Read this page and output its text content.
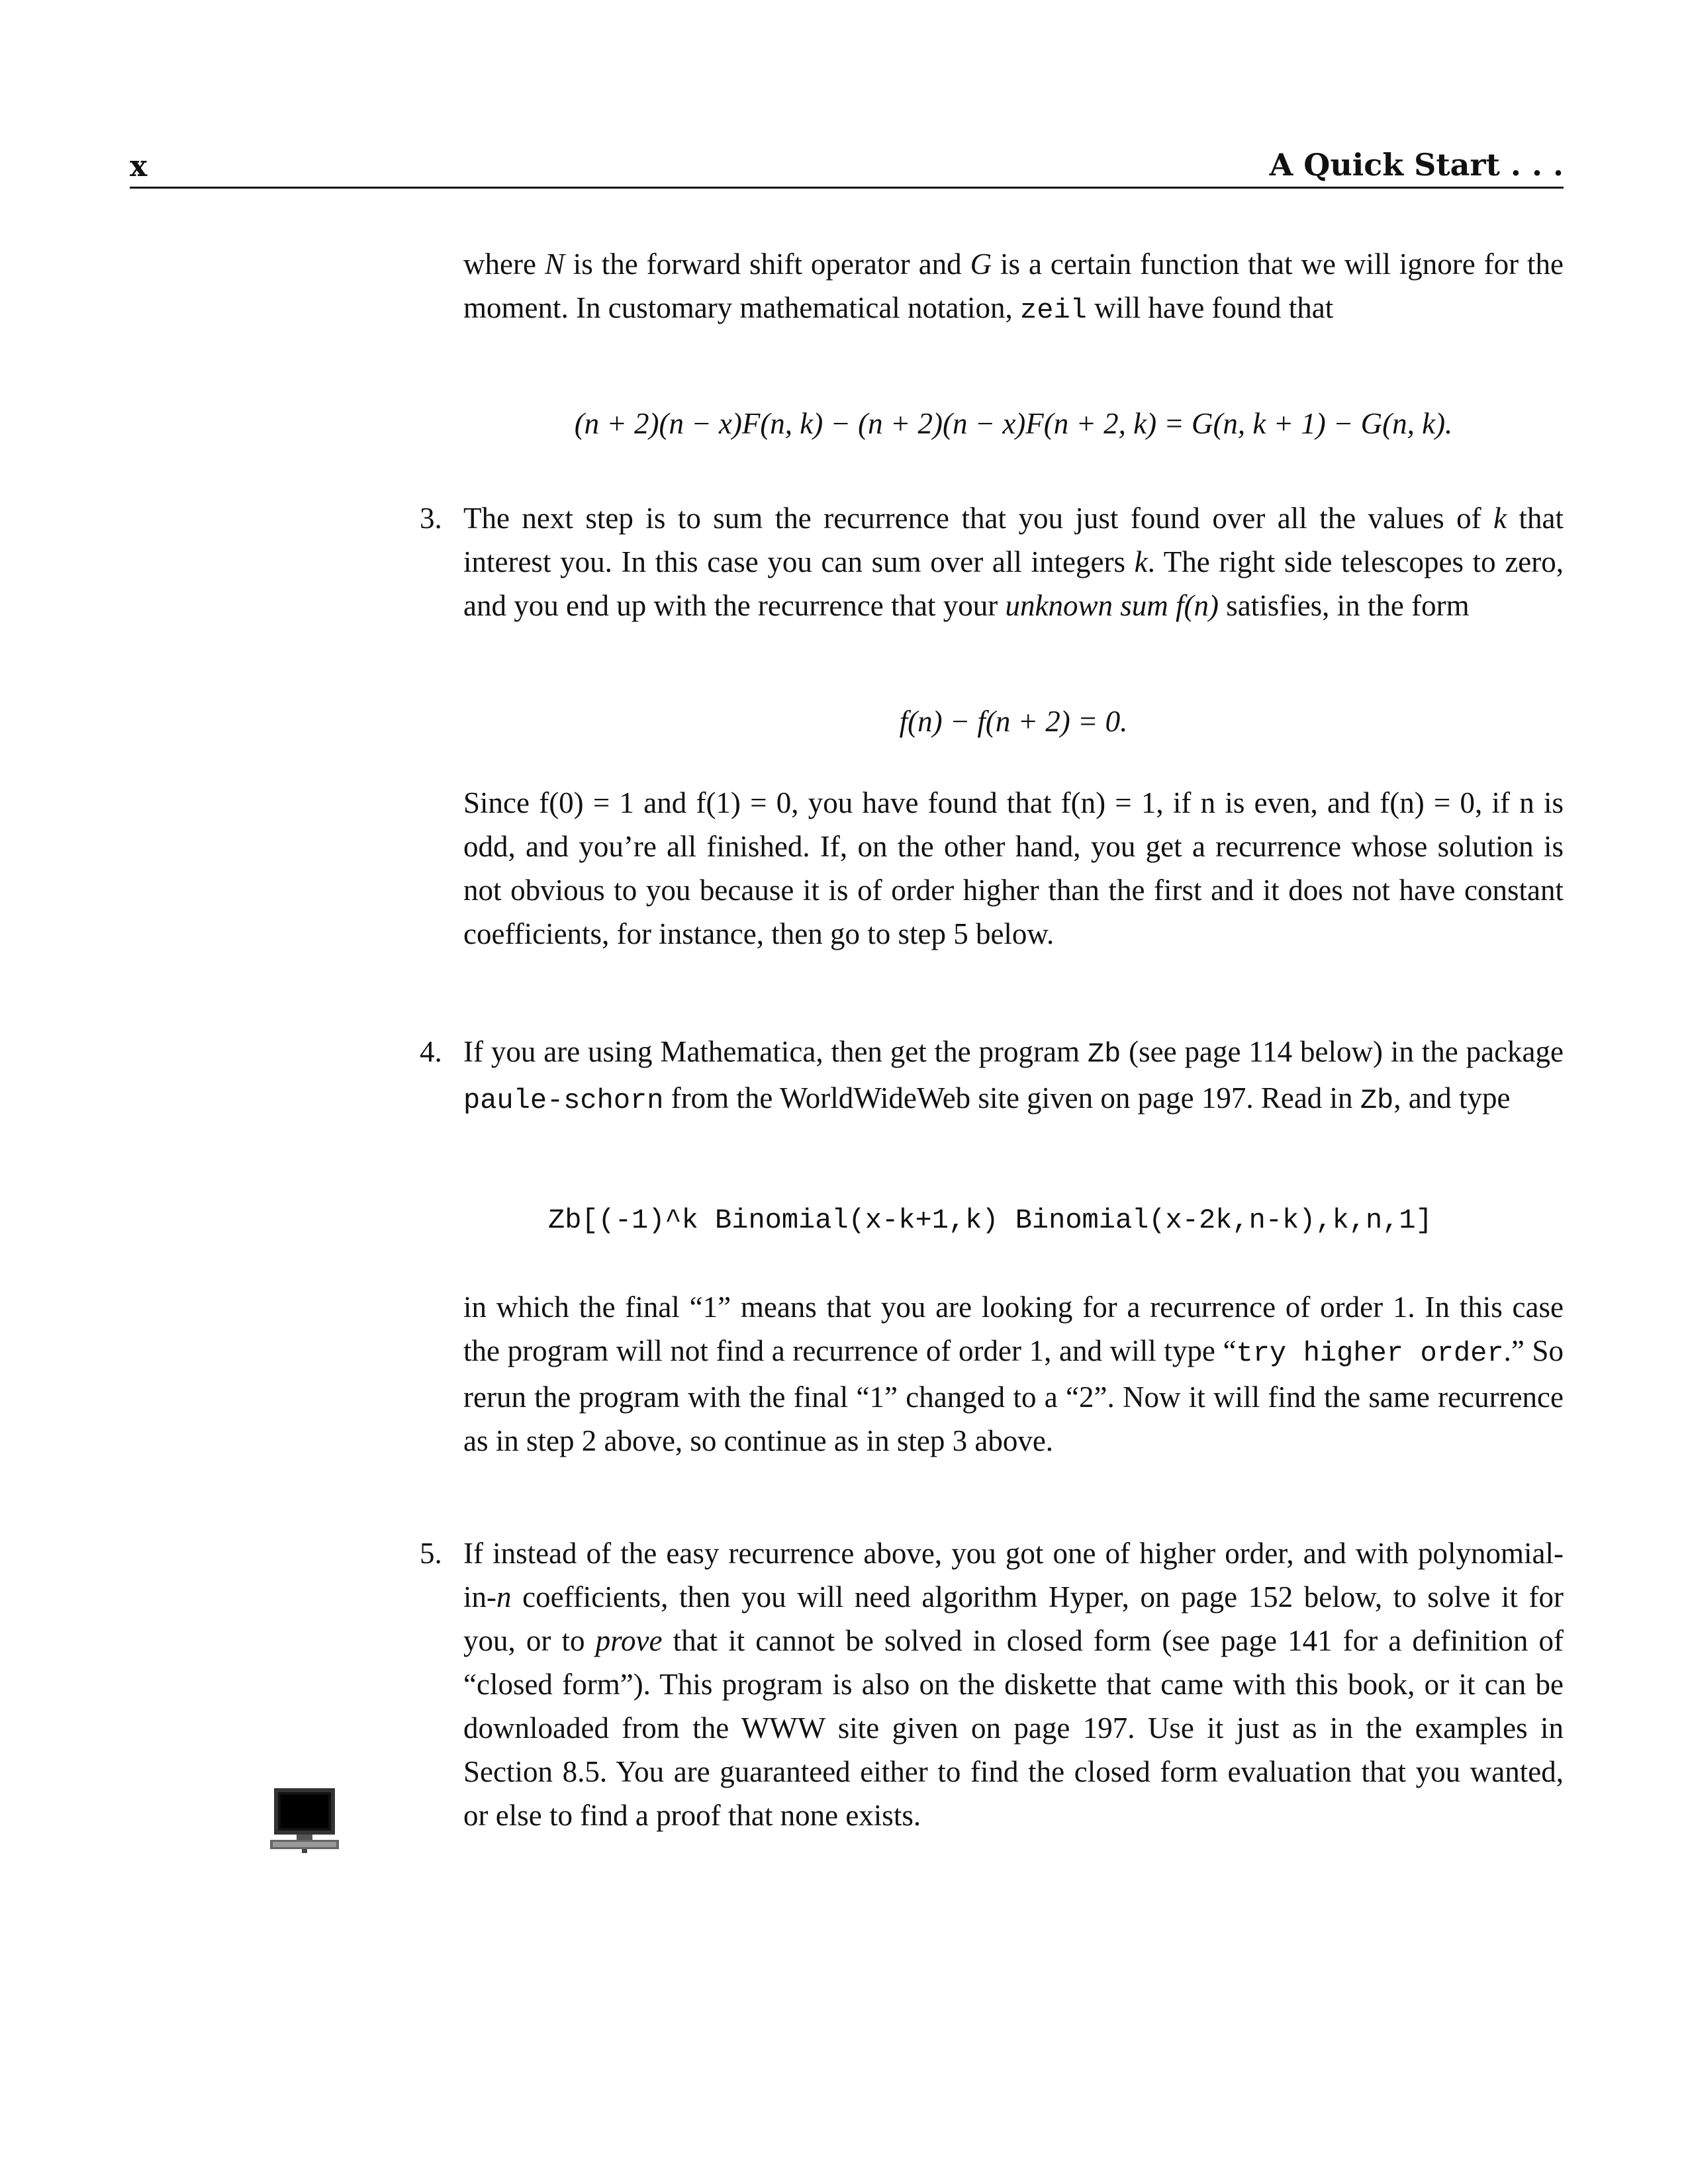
x	A Quick Start . . .
where N is the forward shift operator and G is a certain function that we will ignore for the moment. In customary mathematical notation, zeil will have found that
(n + 2)(n − x)F(n, k) − (n + 2)(n − x)F(n + 2, k) = G(n, k + 1) − G(n, k).
3. The next step is to sum the recurrence that you just found over all the values of k that interest you. In this case you can sum over all integers k. The right side telescopes to zero, and you end up with the recurrence that your unknown sum f(n) satisfies, in the form
f(n) − f(n + 2) = 0.
Since f(0) = 1 and f(1) = 0, you have found that f(n) = 1, if n is even, and f(n) = 0, if n is odd, and you’re all finished. If, on the other hand, you get a recurrence whose solution is not obvious to you because it is of order higher than the first and it does not have constant coefficients, for instance, then go to step 5 below.
4. If you are using Mathematica, then get the program Zb (see page 114 below) in the package paule-schorn from the WorldWideWeb site given on page 197. Read in Zb, and type
Zb[(-1)^k Binomial(x-k+1,k) Binomial(x-2k,n-k),k,n,1]
in which the final “1” means that you are looking for a recurrence of order 1. In this case the program will not find a recurrence of order 1, and will type “try higher order.” So rerun the program with the final “1” changed to a “2”. Now it will find the same recurrence as in step 2 above, so continue as in step 3 above.
5. If instead of the easy recurrence above, you got one of higher order, and with polynomial-in-n coefficients, then you will need algorithm Hyper, on page 152 below, to solve it for you, or to prove that it cannot be solved in closed form (see page 141 for a definition of “closed form”). This program is also on the diskette that came with this book, or it can be downloaded from the WWW site given on page 197. Use it just as in the examples in Section 8.5. You are guaranteed either to find the closed form evaluation that you wanted, or else to find a proof that none exists.
